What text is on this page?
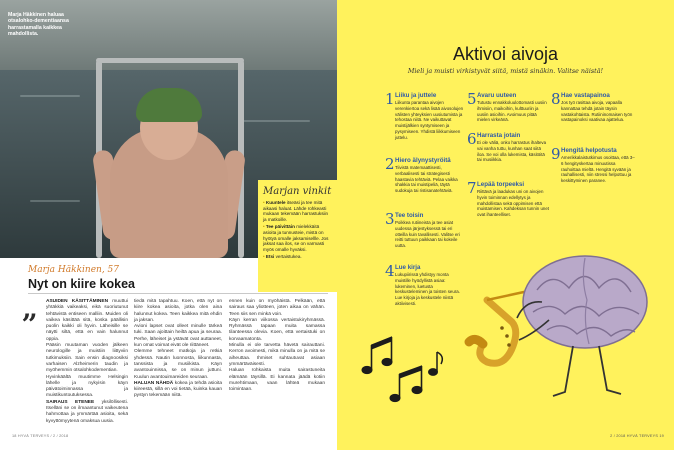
Marja Häkkinen haluaa otsalohko-dementiaansa harrastamalla kaikkea mahdollista.
Marjan vinkit
• Kuuntele itseäsi ja tee mitä aikaasi haluat. Lähde rohkeasti mukaan tekemään harrastuksiin ja matkoille.
• Tee päivittäin mielekkäitä asioita ja tunnusteie, mistä on hyötyä omalle jaksamisellle. Jos jaksat saa ilos, se on varmasti myös omalle hyväksi.
• Etsi vertaistukea.
Marja Häkkinen, 57
Nyt on kiire kokea
„ ASUIDEN KÄSITTÄMINEN muuttui yhtäkkiä vaikeaksi, eikä suoriutunut tehtävistä entiseen malliin. Muiden oli vaikea käsittää sitä, koska päällisin puolin kaikki oli hyvin. Läheisille se näytti siltä, että en vain halunnut oppia.

Pääsin muutaman vuoden jälkeen neurologille ja muistiin liittyviin tutkimuksiin. Sain ensin diagnoosiksi varhaisen Alzheimerin taudin ja myöhemmin otsalohkodementian.

Hyvinkäältä muutimme Helsingin lähelle ja nykyisin käyn päivätoiminnassa ja muistikuntoutuksessa.

SAIRAUS ETENEE yksilöllisesti. Itselläni se on ilmaantunut vaikeutena hahmottaa ja ymmärtää asioita, sekä kyvyttömyytenä omaksua uusia.

tiedä mitä tapahtuu. Koen, että nyt on kiire kokea asioita, jotka olen aina halunnut kokea. Teen kaikkea mitä ehdin ja jaksan.

Avioni lapset ovat olleet minulle tärkeä tuki. Saan ajoittain heiltä apua ja seuraa. Perhe, läheiset ja ystävät ovat auttaneet, kun omat voimat eivät ole riittäneet.

Olemme tehneet matkoja ja retkiä yhdessä. Nautin luonnosta, liikunnasta, tanssista ja musiikista. Käyn avantouinnissa, se on minun juttuni. Kuulun avantouimareiden seuraan.

HALUAN NÄHDÄ kokea ja tehdä asioita kiireestä, sillä en voi tietää, kuinka kauan pystyn tekemään niitä.

ennen kuin on myöhäistä. Pelkään, että sairaus saa yliotteen, joten aikaa on vähän. Teen siis sen minkä voin.

Käyn kerran viikossa vertaistukiryhmässä. Ryhmässä tapaan muita samassa tilanteessa olevia. Koen, että vertaistuki on korvaamatonta.

Minulla ei ole tarvetta hävetä sairauttani. Kerron avoimesti, mikä minulla on ja mitä se aiheuttaa. Ihmiset suhtautuvat asiaan ymmärtäväisesti.

Haluan rohkaista muita sairastuneita elämään täysillä. Ei kannata jäädä kotiin murehtimaan, vaan lähteä mukaan toimintaan.

18 HYVÄ TERVEYS / 2 / 2018
Aktivoi aivoja
Mieli ja muisti virkistyvät siitä, mistä sinäkin. Valitse näistä!
1 Liiku ja juttele
Liikunta parantaa aivojen verenkiertoa sekä lisää aivosolujen välisten yhteyksien uusiutumista ja tehostaa niitä. Ne vaikuttavat muistijälkien syntymiseen ja pysymiseen. Yhdistä liikkumiseen juttelu.
2 Hiero älynystyröitä
Tiivistä matemaattisesti, verbaalisesti tai strategisesti haastavia tehtäviä. Pelaa vaikka shakkia tai muistipeliä, täytä sudokuja tai ristisanatehtäviä.
3 Tee toisin
Poikkea rutiineista ja tee asiat uudessa järjestyksessä tai eri otteilla kuin tavallisesti. Valitse eri reitti tuttuun paikkaan tai kokeile uutta.
4 Lue kirja
Lukupiirissä yhdistyy monta muistille hyödyllistä asiaa: lukeminen, luetusta keskusteleminen ja toisten seura. Lue kirjoja ja keskustele niistä aktiivisesti.
5 Avaru uuteen
Tutustu ennakkoluulottomasti uusiin ihmisiin, maikoihin, kulttuuriin ja uusiin asioihin. Avoimuus pitää mielen virkeänä.
6 Harrasta jotain
Ei ole väliä, onko harrastus ihalteva vai vanha tuttu, kunhan saat siitä iloa. Se voi olla lukemista, käsitöitä tai musiikkia.
7 Lepää torpeeksi
Riittävä ja laadukas uni on aivojen hyvin toiminnan edellytys ja mahdollistaa sekä oppimisen että muistamisen. Kahdeksan tunnin unet ovat ihanteelliset.
8 Hae vastapainoa
Jos työ rasittaa aivoja, vapaalla kannattaa tehdä jotain täysin vastakohtaista. Rutiininomaisen työn vastapainoksi vaativaa ajattelua.
9 Hengitä helpotusta
Amerikkalaistutkimus osoittaa, että 3–6 hengityskertaa minuutissa rauhoittaa mieltä. Hengitä syvään ja rauhallisesti, niin stressi helpottuu ja keskittyminen paranee.
2 / 2018 HYVÄ TERVEYS 19
